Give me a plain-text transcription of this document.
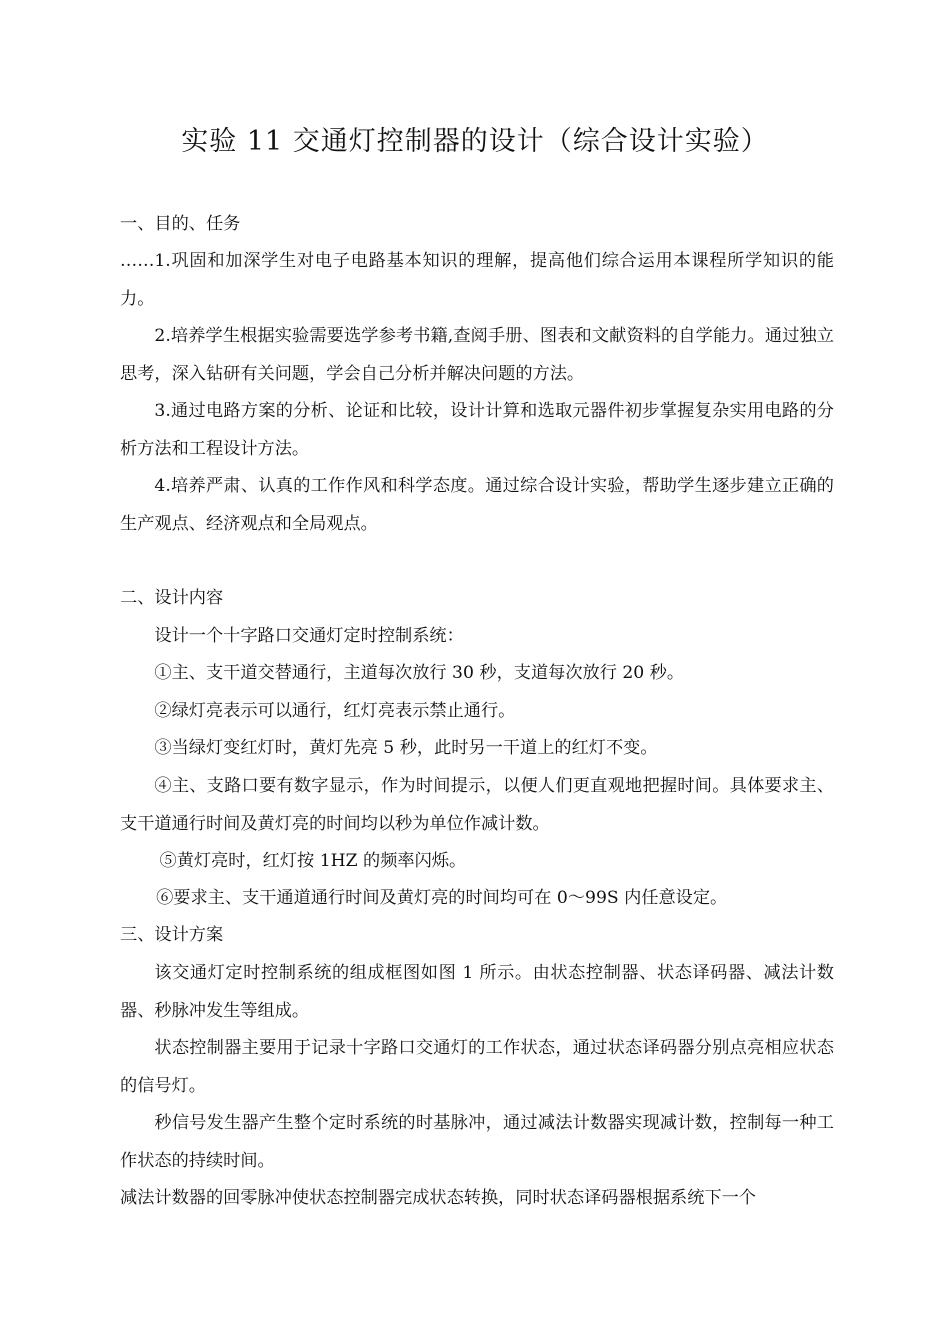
实验 11 交通灯控制器的设计（综合设计实验）

一、目的、任务

……1.巩固和加深学生对电子电路基本知识的理解，提高他们综合运用本课程所学知识的能力。

2.培养学生根据实验需要选学参考书籍,查阅手册、图表和文献资料的自学能力。通过独立思考，深入钻研有关问题，学会自己分析并解决问题的方法。

3.通过电路方案的分析、论证和比较，设计计算和选取元器件初步掌握复杂实用电路的分析方法和工程设计方法。

4.培养严肃、认真的工作作风和科学态度。通过综合设计实验，帮助学生逐步建立正确的生产观点、经济观点和全局观点。

二、设计内容

设计一个十字路口交通灯定时控制系统：

①主、支干道交替通行，主道每次放行 30 秒，支道每次放行 20 秒。

②绿灯亮表示可以通行，红灯亮表示禁止通行。

③当绿灯变红灯时，黄灯先亮 5 秒，此时另一干道上的红灯不变。

④主、支路口要有数字显示，作为时间提示，以便人们更直观地把握时间。具体要求主、支干道通行时间及黄灯亮的时间均以秒为单位作减计数。

⑤黄灯亮时，红灯按 1HZ 的频率闪烁。

⑥要求主、支干通道通行时间及黄灯亮的时间均可在 0～99S 内任意设定。

三、设计方案

该交通灯定时控制系统的组成框图如图 1 所示。由状态控制器、状态译码器、减法计数器、秒脉冲发生等组成。

状态控制器主要用于记录十字路口交通灯的工作状态，通过状态译码器分别点亮相应状态的信号灯。

秒信号发生器产生整个定时系统的时基脉冲，通过减法计数器实现减计数，控制每一种工作状态的持续时间。

减法计数器的回零脉冲使状态控制器完成状态转换，同时状态译码器根据系统下一个
